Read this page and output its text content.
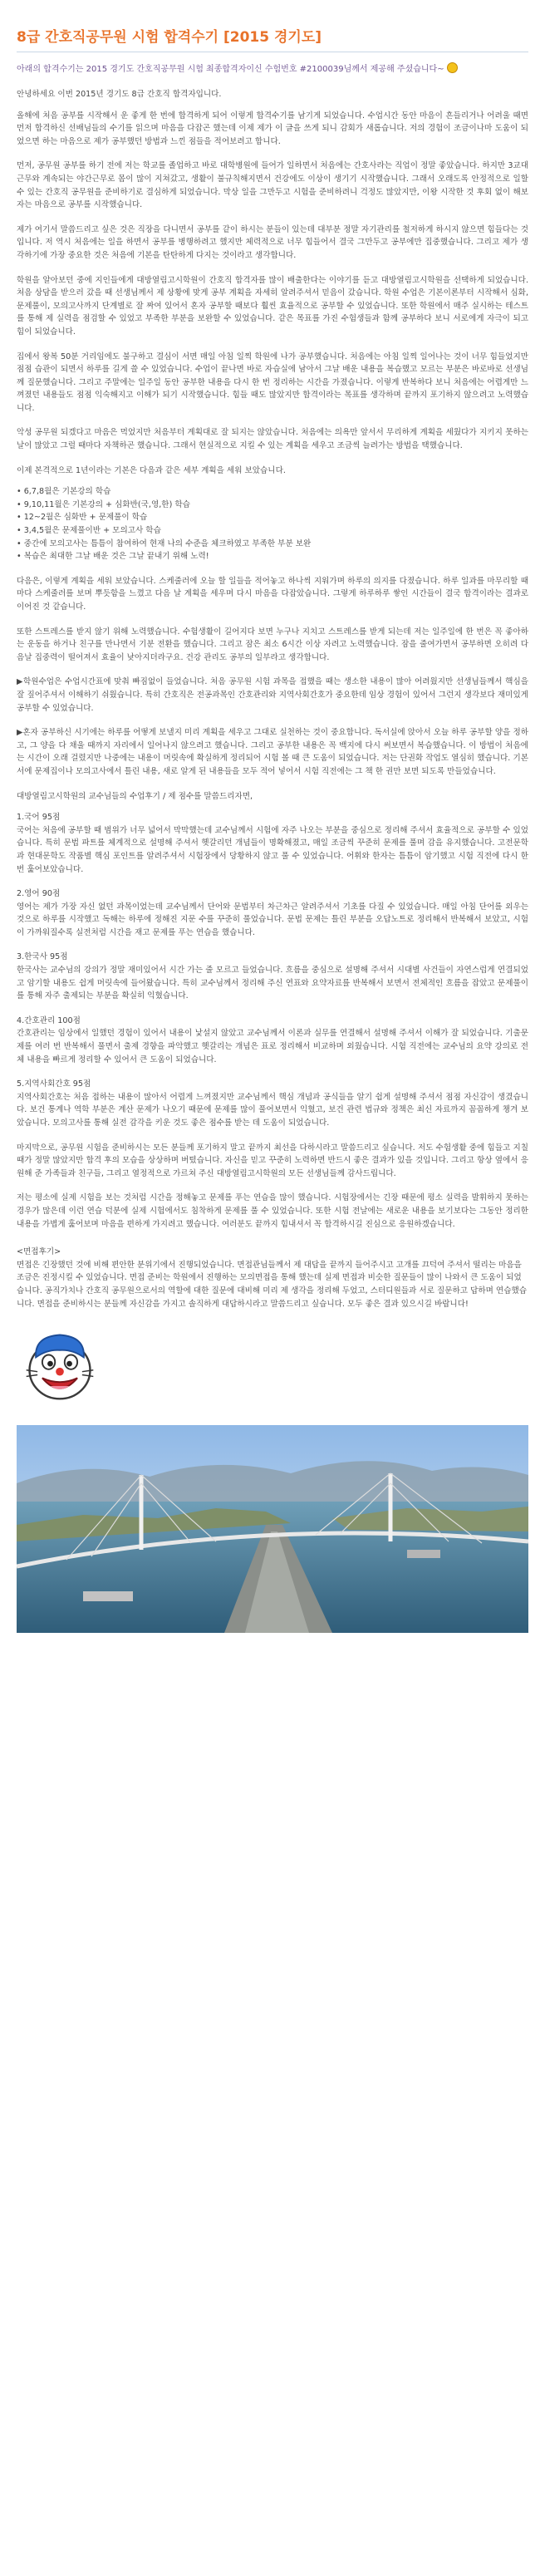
8급 간호직공무원 시험 합격수기 [2015 경기도]

아래의 합격수기는 2015 경기도 간호직공무원 시험 최종합격자이신 수험번호 #2100039님께서 제공해 주셨습니다~

안녕하세요 이번 2015년 경기도 8급 간호직 합격자입니다.

올해에 처음 공부를 시작해서 운 좋게 한 번에 합격하게 되어 이렇게 합격수기를 남기게 되었습니다. 수업시간 동안 마음이 흔들리거나 어려울 때면 먼저 합격하신 선배님들의 수기를 읽으며 마음을 다잡곤 했는데 이제 제가 이 글을 쓰게 되니 감회가 새롭습니다. 저의 경험이 조금이나마 도움이 되었으면 하는 마음으로 제가 공부했던 방법과 느낀 점들을 적어보려고 합니다.

먼저, 공무원 공부를 하기 전에 저는 학교를 졸업하고 바로 대학병원에 들어가 일하면서 처음에는 간호사라는 직업이 정말 좋았습니다. 하지만 3교대 근무와 계속되는 야간근무로 몸이 많이 지쳐갔고, 생활이 불규칙해지면서 건강에도 이상이 생기기 시작했습니다. 그래서 오래도록 안정적으로 일할 수 있는 간호직 공무원을 준비하기로 결심하게 되었습니다. 막상 일을 그만두고 시험을 준비하려니 걱정도 많았지만, 이왕 시작한 것 후회 없이 해보자는 마음으로 공부를 시작했습니다.

제가 여기서 말씀드리고 싶은 것은 직장을 다니면서 공부를 같이 하시는 분들이 있는데 대부분 정말 자기관리를 철저하게 하시지 않으면 힘들다는 것입니다. 저 역시 처음에는 일을 하면서 공부를 병행하려고 했지만 체력적으로 너무 힘들어서 결국 그만두고 공부에만 집중했습니다. 그리고 제가 생각하기에 가장 중요한 것은 처음에 기본을 탄탄하게 다지는 것이라고 생각합니다.

학원을 알아보던 중에 지인들에게 대방열림고시학원이 간호직 합격자를 많이 배출한다는 이야기를 듣고 대방열림고시학원을 선택하게 되었습니다. 처음 상담을 받으러 갔을 때 선생님께서 제 상황에 맞게 공부 계획을 자세히 알려주셔서 믿음이 갔습니다. 학원 수업은 기본이론부터 시작해서 심화, 문제풀이, 모의고사까지 단계별로 잘 짜여 있어서 혼자 공부할 때보다 훨씬 효율적으로 공부할 수 있었습니다. 또한 학원에서 매주 실시하는 테스트를 통해 제 실력을 점검할 수 있었고 부족한 부분을 보완할 수 있었습니다. 같은 목표를 가진 수험생들과 함께 공부하다 보니 서로에게 자극이 되고 힘이 되었습니다.

집에서 왕복 50분 거리임에도 불구하고 결심이 서면 매일 아침 일찍 학원에 나가 공부했습니다. 처음에는 아침 일찍 일어나는 것이 너무 힘들었지만 점점 습관이 되면서 하루를 길게 쓸 수 있었습니다. 수업이 끝나면 바로 자습실에 남아서 그날 배운 내용을 복습했고 모르는 부분은 바로바로 선생님께 질문했습니다. 그리고 주말에는 일주일 동안 공부한 내용을 다시 한 번 정리하는 시간을 가졌습니다. 이렇게 반복하다 보니 처음에는 어렵게만 느껴졌던 내용들도 점점 익숙해지고 이해가 되기 시작했습니다. 힘들 때도 많았지만 합격이라는 목표를 생각하며 끝까지 포기하지 않으려고 노력했습니다.

악성 공무원 되겠다고 마음은 먹었지만 처음부터 계획대로 잘 되지는 않았습니다. 처음에는 의욕만 앞서서 무리하게 계획을 세웠다가 지키지 못하는 날이 많았고 그럴 때마다 자책하곤 했습니다. 그래서 현실적으로 지킬 수 있는 계획을 세우고 조금씩 늘려가는 방법을 택했습니다.

이제 본격적으로 1년이라는 기본은 다음과 같은 세부 계획을 세워 보았습니다.

• 6,7,8월은 기본강의 학습

• 9,10,11월은 기본강의 + 심화반(국,영,한) 학습

• 12~2월은 심화반 + 문제풀이 학습

• 3,4,5월은 문제풀이반 + 모의고사 학습

• 중간에 모의고사는 틈틈이 참여하여 현재 나의 수준을 체크하였고 부족한 부분 보완

• 복습은 최대한 그날 배운 것은 그날 끝내기 위해 노력!

다음은, 이렇게 계획을 세워 보았습니다. 스케줄러에 오늘 할 일들을 적어놓고 하나씩 지워가며 하루의 의지를 다졌습니다. 하루 일과를 마무리할 때마다 스케줄러를 보며 뿌듯함을 느꼈고 다음 날 계획을 세우며 다시 마음을 다잡았습니다. 그렇게 하루하루 쌓인 시간들이 결국 합격이라는 결과로 이어진 것 같습니다.

또한 스트레스를 받지 않기 위해 노력했습니다. 수험생활이 길어지다 보면 누구나 지치고 스트레스를 받게 되는데 저는 일주일에 한 번은 꼭 좋아하는 운동을 하거나 친구를 만나면서 기분 전환을 했습니다. 그리고 잠은 최소 6시간 이상 자려고 노력했습니다. 잠을 줄여가면서 공부하면 오히려 다음날 집중력이 떨어져서 효율이 낮아지더라구요. 건강 관리도 공부의 일부라고 생각합니다.

▶학원수업은 수업시간표에 맞춰 빠짐없이 들었습니다. 처음 공무원 시험 과목을 접했을 때는 생소한 내용이 많아 어려웠지만 선생님들께서 핵심을 잘 짚어주셔서 이해하기 쉬웠습니다. 특히 간호직은 전공과목인 간호관리와 지역사회간호가 중요한데 임상 경험이 있어서 그런지 생각보다 재미있게 공부할 수 있었습니다.

▶혼자 공부하신 시기에는 하루를 어떻게 보낼지 미리 계획을 세우고 그대로 실천하는 것이 중요합니다. 독서실에 앉아서 오늘 하루 공부할 양을 정하고, 그 양을 다 채울 때까지 자리에서 일어나지 않으려고 했습니다. 그리고 공부한 내용은 꼭 백지에 다시 써보면서 복습했습니다. 이 방법이 처음에는 시간이 오래 걸렸지만 나중에는 내용이 머릿속에 확실하게 정리되어 시험 볼 때 큰 도움이 되었습니다. 저는 단권화 작업도 열심히 했습니다. 기본서에 문제집이나 모의고사에서 틀린 내용, 새로 알게 된 내용들을 모두 적어 넣어서 시험 직전에는 그 책 한 권만 보면 되도록 만들었습니다.

대방열림고시학원의 교수님들의 수업후기 / 제 점수를 말씀드리자면,

1.국어 95점

국어는 처음에 공부할 때 범위가 너무 넓어서 막막했는데 교수님께서 시험에 자주 나오는 부분을 중심으로 정리해 주셔서 효율적으로 공부할 수 있었습니다. 특히 문법 파트를 체계적으로 설명해 주셔서 헷갈리던 개념들이 명확해졌고, 매일 조금씩 꾸준히 문제를 풀며 감을 유지했습니다. 고전문학과 현대문학도 작품별 핵심 포인트를 알려주셔서 시험장에서 당황하지 않고 풀 수 있었습니다. 어휘와 한자는 틈틈이 암기했고 시험 직전에 다시 한 번 훑어보았습니다.

2.영어 90점

영어는 제가 가장 자신 없던 과목이었는데 교수님께서 단어와 문법부터 차근차근 알려주셔서 기초를 다질 수 있었습니다. 매일 아침 단어를 외우는 것으로 하루를 시작했고 독해는 하루에 정해진 지문 수를 꾸준히 풀었습니다. 문법 문제는 틀린 부분을 오답노트로 정리해서 반복해서 보았고, 시험이 가까워질수록 실전처럼 시간을 재고 문제를 푸는 연습을 했습니다.

3.한국사 95점

한국사는 교수님의 강의가 정말 재미있어서 시간 가는 줄 모르고 들었습니다. 흐름을 중심으로 설명해 주셔서 시대별 사건들이 자연스럽게 연결되었고 암기할 내용도 쉽게 머릿속에 들어왔습니다. 특히 교수님께서 정리해 주신 연표와 요약자료를 반복해서 보면서 전체적인 흐름을 잡았고 문제풀이를 통해 자주 출제되는 부분을 확실히 익혔습니다.

4.간호관리 100점

간호관리는 임상에서 일했던 경험이 있어서 내용이 낯설지 않았고 교수님께서 이론과 실무를 연결해서 설명해 주셔서 이해가 잘 되었습니다. 기출문제를 여러 번 반복해서 풀면서 출제 경향을 파악했고 헷갈리는 개념은 표로 정리해서 비교하며 외웠습니다. 시험 직전에는 교수님의 요약 강의로 전체 내용을 빠르게 정리할 수 있어서 큰 도움이 되었습니다.

5.지역사회간호 95점

지역사회간호는 처음 접하는 내용이 많아서 어렵게 느껴졌지만 교수님께서 핵심 개념과 공식들을 알기 쉽게 설명해 주셔서 점점 자신감이 생겼습니다. 보건 통계나 역학 부분은 계산 문제가 나오기 때문에 문제를 많이 풀어보면서 익혔고, 보건 관련 법규와 정책은 최신 자료까지 꼼꼼하게 챙겨 보았습니다. 모의고사를 통해 실전 감각을 키운 것도 좋은 점수를 받는 데 도움이 되었습니다.

마지막으로, 공무원 시험을 준비하시는 모든 분들께 포기하지 말고 끝까지 최선을 다하시라고 말씀드리고 싶습니다. 저도 수험생활 중에 힘들고 지칠 때가 정말 많았지만 합격 후의 모습을 상상하며 버텼습니다. 자신을 믿고 꾸준히 노력하면 반드시 좋은 결과가 있을 것입니다. 그리고 항상 옆에서 응원해 준 가족들과 친구들, 그리고 열정적으로 가르쳐 주신 대방열림고시학원의 모든 선생님들께 감사드립니다.

저는 평소에 실제 시험을 보는 것처럼 시간을 정해놓고 문제를 푸는 연습을 많이 했습니다. 시험장에서는 긴장 때문에 평소 실력을 발휘하지 못하는 경우가 많은데 이런 연습 덕분에 실제 시험에서도 침착하게 문제를 풀 수 있었습니다. 또한 시험 전날에는 새로운 내용을 보기보다는 그동안 정리한 내용을 가볍게 훑어보며 마음을 편하게 가지려고 했습니다. 여러분도 끝까지 힘내셔서 꼭 합격하시길 진심으로 응원하겠습니다.

<면접후기>

면접은 긴장했던 것에 비해 편안한 분위기에서 진행되었습니다. 면접관님들께서 제 대답을 끝까지 들어주시고 고개를 끄덕여 주셔서 떨리는 마음을 조금은 진정시킬 수 있었습니다. 면접 준비는 학원에서 진행하는 모의면접을 통해 했는데 실제 면접과 비슷한 질문들이 많이 나와서 큰 도움이 되었습니다. 공직가치나 간호직 공무원으로서의 역할에 대한 질문에 대비해 미리 제 생각을 정리해 두었고, 스터디원들과 서로 질문하고 답하며 연습했습니다. 면접을 준비하시는 분들께 자신감을 가지고 솔직하게 대답하시라고 말씀드리고 싶습니다. 모두 좋은 결과 있으시길 바랍니다!
